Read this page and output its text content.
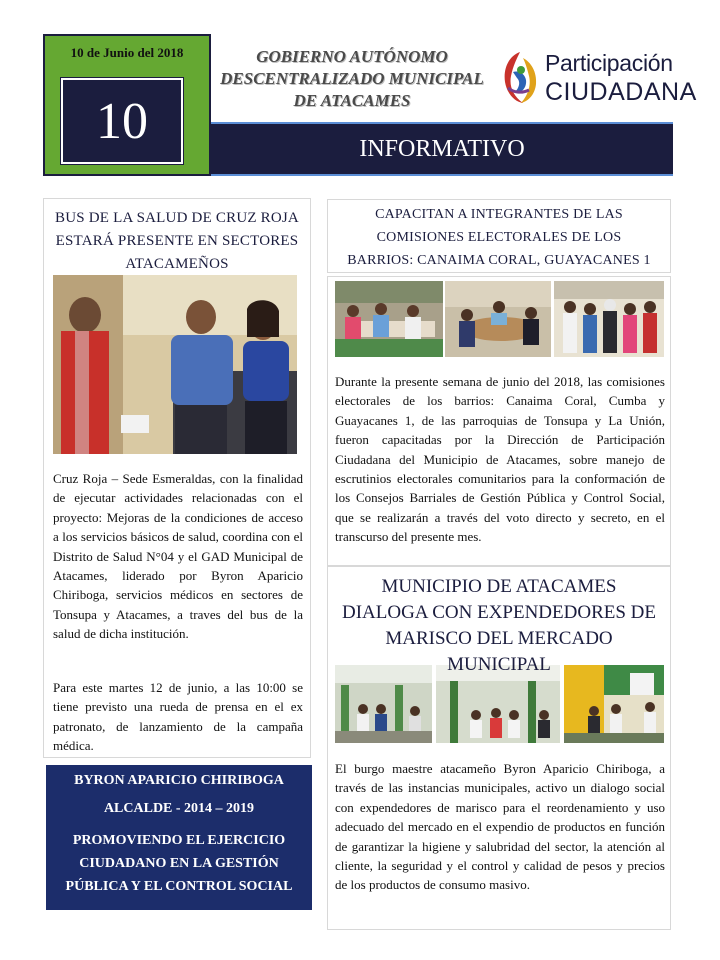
10 de Junio del 2018
10
GOBIERNO AUTÓNOMO DESCENTRALIZADO MUNICIPAL DE ATACAMES
Participación
CIUDADANA
INFORMATIVO
BUS DE LA SALUD DE CRUZ ROJA ESTARÁ PRESENTE EN SECTORES ATACAMEÑOS
Cruz Roja – Sede Esmeraldas, con la finalidad de ejecutar actividades relacionadas con el proyecto: Mejoras de la condiciones de acceso a los servicios básicos de salud, coordina con el Distrito de Salud N°04 y el GAD Municipal de Atacames, liderado por Byron Aparicio Chiriboga, servicios médicos en sectores de Tonsupa y Atacames, a traves del bus de la salud de dicha institución.
Para este martes 12 de junio, a las 10:00 se tiene previsto una rueda de prensa en el ex patronato, de lanzamiento de la campaña médica.
BYRON APARICIO CHIRIBOGA
ALCALDE - 2014 – 2019
PROMOVIENDO EL EJERCICIO CIUDADANO EN LA GESTIÓN PÚBLICA Y EL CONTROL SOCIAL
CAPACITAN A INTEGRANTES DE LAS COMISIONES ELECTORALES DE LOS BARRIOS: CANAIMA CORAL, GUAYACANES 1
Durante la presente semana de junio del 2018, las comisiones electorales de los barrios: Canaima Coral, Cumba y Guayacanes 1, de las parroquias de Tonsupa y La Unión, fueron capacitadas por la Dirección de Participación Ciudadana del Municipio de Atacames, sobre manejo de escrutinios electorales comunitarios para la conformación de los Consejos Barriales de Gestión Pública y Control Social, que se realizarán a través del voto directo y secreto, en el transcurso del presente mes.
El burgo maestre atacameño Byron Aparicio Chiriboga, a través de las instancias municipales, activo un dialogo social con expendedores de marisco para el reordenamiento y uso adecuado del mercado en el expendio de productos en función de garantizar la higiene y salubridad del sector, la atención al cliente, la seguridad y el control y calidad de pesos y precios de los productos de consumo masivo.
MUNICIPIO DE ATACAMES DIALOGA CON EXPENDEDORES DE MARISCO DEL MERCADO MUNICIPAL
